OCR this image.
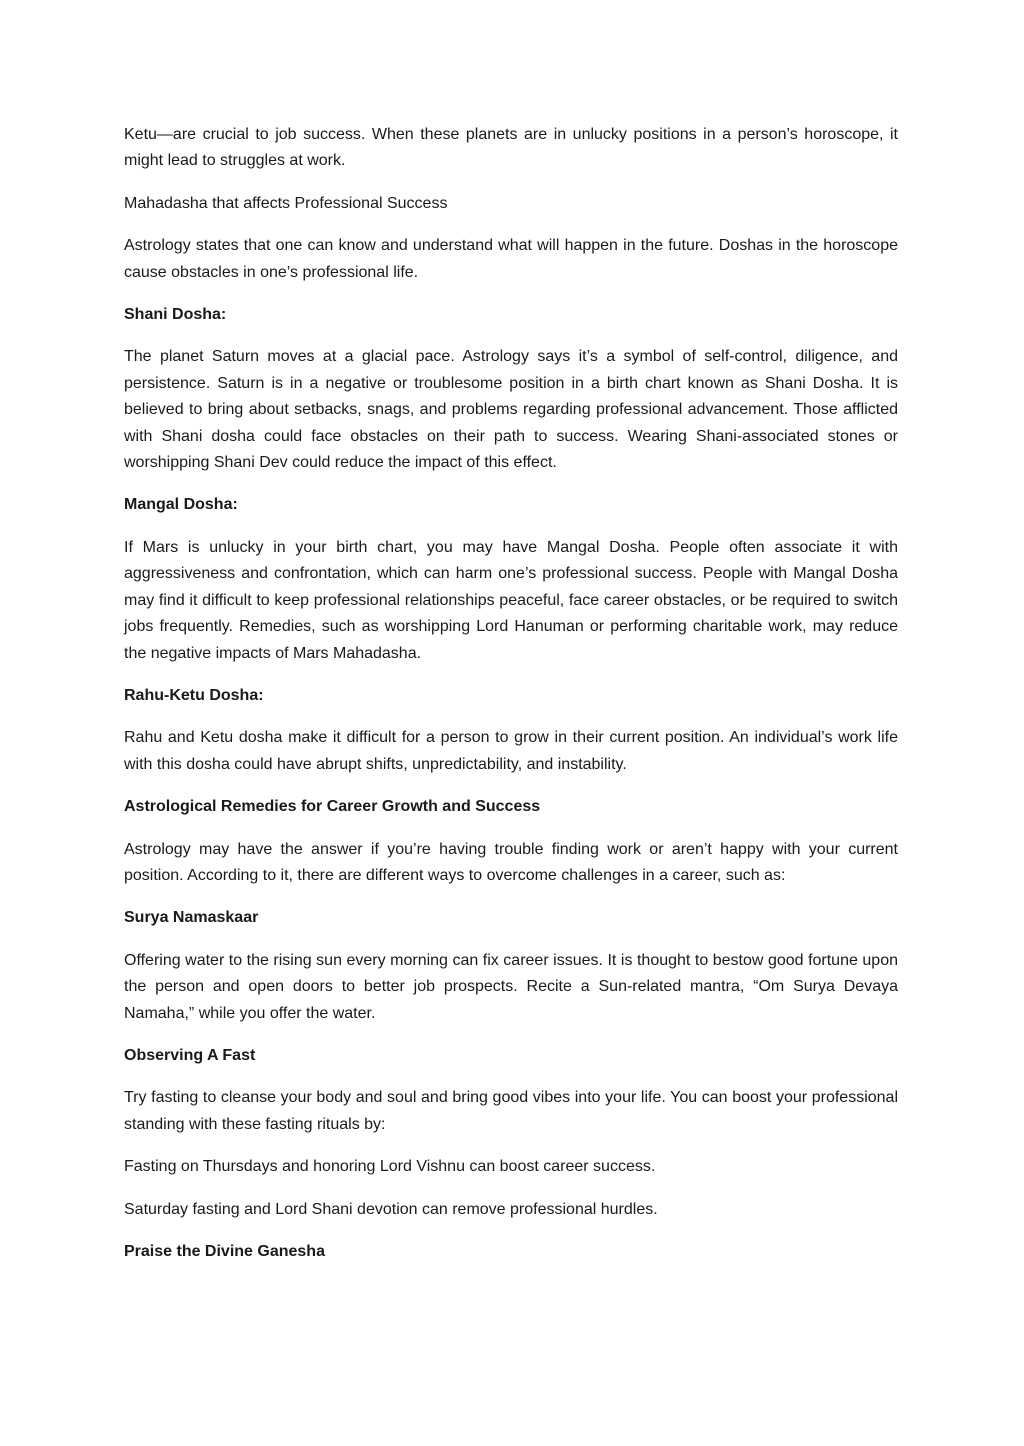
Ketu—are crucial to job success. When these planets are in unlucky positions in a person’s horoscope, it might lead to struggles at work.

Mahadasha that affects Professional Success

Astrology states that one can know and understand what will happen in the future. Doshas in the horoscope cause obstacles in one’s professional life.

Shani Dosha:

The planet Saturn moves at a glacial pace. Astrology says it’s a symbol of self-control, diligence, and persistence. Saturn is in a negative or troublesome position in a birth chart known as Shani Dosha. It is believed to bring about setbacks, snags, and problems regarding professional advancement. Those afflicted with Shani dosha could face obstacles on their path to success. Wearing Shani-associated stones or worshipping Shani Dev could reduce the impact of this effect.

Mangal Dosha:

If Mars is unlucky in your birth chart, you may have Mangal Dosha. People often associate it with aggressiveness and confrontation, which can harm one’s professional success. People with Mangal Dosha may find it difficult to keep professional relationships peaceful, face career obstacles, or be required to switch jobs frequently. Remedies, such as worshipping Lord Hanuman or performing charitable work, may reduce the negative impacts of Mars Mahadasha.

Rahu-Ketu Dosha:

Rahu and Ketu dosha make it difficult for a person to grow in their current position. An individual’s work life with this dosha could have abrupt shifts, unpredictability, and instability.

Astrological Remedies for Career Growth and Success

Astrology may have the answer if you’re having trouble finding work or aren’t happy with your current position. According to it, there are different ways to overcome challenges in a career, such as:

Surya Namaskaar

Offering water to the rising sun every morning can fix career issues. It is thought to bestow good fortune upon the person and open doors to better job prospects. Recite a Sun-related mantra, “Om Surya Devaya Namaha,” while you offer the water.

Observing A Fast

Try fasting to cleanse your body and soul and bring good vibes into your life. You can boost your professional standing with these fasting rituals by:

Fasting on Thursdays and honoring Lord Vishnu can boost career success.

Saturday fasting and Lord Shani devotion can remove professional hurdles.

Praise the Divine Ganesha
